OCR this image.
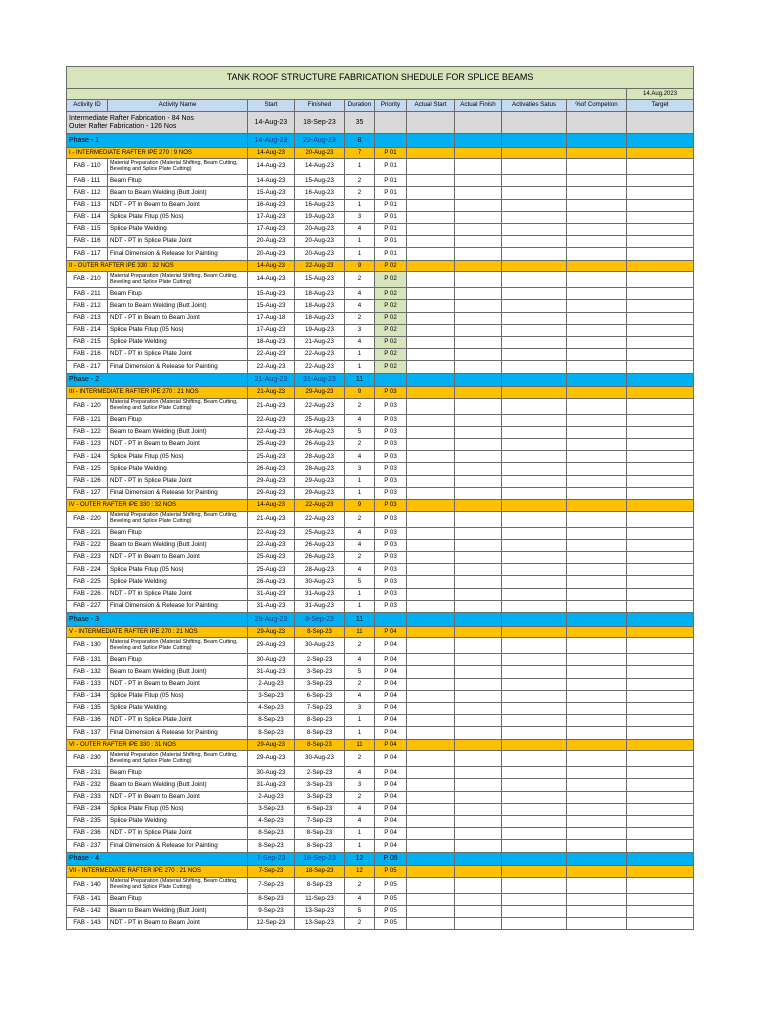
TANK ROOF STRUCTURE FABRICATION SHEDULE FOR SPLICE BEAMS										
										14.Aug.2023
Activity ID	Activity Name	Start	Finished	Duration	Priority	Actual Start	Actual Finish	Activaties Satus	%of Competion	Target

Intermediate Rafter Fabrication - 84 Nos
Outer Rafter Fabrication - 126 Nos		14-Aug-23	18-Sep-23	35						
Phase - 1		14-Aug-23	22-Aug-23	8						
I - INTERMEDIATE RAFTER IPE 270 : 9 NOS		14-Aug-23	20-Aug-23	7	P 01					
FAB - 110	Material Preparation (Material Shifting, Beam Cutting, Beveling and Splice Plate Cutting)	14-Aug-23	14-Aug-23	1	P 01					
FAB - 111	Beam Fitup	14-Aug-23	15-Aug-23	2	P 01					
FAB - 112	Beam to Beam Welding (Butt Joint)	15-Aug-23	16-Aug-23	2	P 01					
FAB - 113	NDT - PT in Beam to Beam Joint	16-Aug-23	16-Aug-23	1	P 01					
FAB - 114	Splice Plate Fitup (05 Nos)	17-Aug-23	19-Aug-23	3	P 01					
FAB - 115	Splice Plate Welding	17-Aug-23	20-Aug-23	4	P 01					
FAB - 116	NDT - PT in Splice Plate Joint	20-Aug-23	20-Aug-23	1	P 01					
FAB - 117	Final Dimension & Release for Painting	20-Aug-23	20-Aug-23	1	P 01					
II - OUTER RAFTER IPE 330 : 32 NOS		14-Aug-23	22-Aug-23	9	P 02					
FAB - 210	Material Preparation (Material Shifting, Beam Cutting, Beveling and Splice Plate Cutting)	14-Aug-23	15-Aug-23	2	P 02					
FAB - 211	Beam Fitup	15-Aug-23	18-Aug-23	4	P 02					
FAB - 212	Beam to Beam Welding (Butt Joint)	15-Aug-23	18-Aug-23	4	P 02					
FAB - 213	NDT - PT in Beam to Beam Joint	17-Aug-18	18-Aug-23	2	P 02					
FAB - 214	Splice Plate Fitup (05 Nos)	17-Aug-23	19-Aug-23	3	P 02					
FAB - 215	Splice Plate Welding	18-Aug-23	21-Aug-23	4	P 02					
FAB - 216	NDT - PT in Splice Plate Joint	22-Aug-23	22-Aug-23	1	P 02					
FAB - 217	Final Dimension & Release for Painting	22-Aug-23	22-Aug-23	1	P 02					
Phase - 2		21-Aug-23	31-Aug-23	11						
III - INTERMEDIATE RAFTER IPE 270 : 21 NOS		21-Aug-23	29-Aug-23	9	P 03					
FAB - 120	Material Preparation (Material Shifting, Beam Cutting, Beveling and Splice Plate Cutting)	21-Aug-23	22-Aug-23	2	P 03					
FAB - 121	Beam Fitup	22-Aug-23	25-Aug-23	4	P 03					
FAB - 122	Beam to Beam Welding (Butt Joint)	22-Aug-23	26-Aug-23	5	P 03					
FAB - 123	NDT - PT in Beam to Beam Joint	25-Aug-23	26-Aug-23	2	P 03					
FAB - 124	Splice Plate Fitup (05 Nos)	25-Aug-23	28-Aug-23	4	P 03					
FAB - 125	Splice Plate Welding	26-Aug-23	28-Aug-23	3	P 03					
FAB - 126	NDT - PT in Splice Plate Joint	29-Aug-23	29-Aug-23	1	P 03					
FAB - 127	Final Dimension & Release for Painting	29-Aug-23	29-Aug-23	1	P 03					
IV - OUTER RAFTER IPE 330 : 32 NOS		14-Aug-23	22-Aug-23	9	P 03					
FAB - 220	Material Preparation (Material Shifting, Beam Cutting, Beveling and Splice Plate Cutting)	21-Aug-23	22-Aug-23	2	P 03					
FAB - 221	Beam Fitup	22-Aug-23	25-Aug-23	4	P 03					
FAB - 222	Beam to Beam Welding (Butt Joint)	22-Aug-23	26-Aug-23	4	P 03					
FAB - 223	NDT - PT in Beam to Beam Joint	25-Aug-23	26-Aug-23	2	P 03					
FAB - 224	Splice Plate Fitup (05 Nos)	25-Aug-23	28-Aug-23	4	P 03					
FAB - 225	Splice Plate Welding	26-Aug-23	30-Aug-23	5	P 03					
FAB - 226	NDT - PT in Splice Plate Joint	31-Aug-23	31-Aug-23	1	P 03					
FAB - 227	Final Dimension & Release for Painting	31-Aug-23	31-Aug-23	1	P 03					
Phase - 3		29-Aug-23	8-Sep-23	11						
V - INTERMEDIATE RAFTER IPE 270 : 21 NOS		29-Aug-23	8-Sep-23	11	P 04					
FAB - 130	Material Preparation (Material Shifting, Beam Cutting, Beveling and Splice Plate Cutting)	29-Aug-23	30-Aug-23	2	P 04					
FAB - 131	Beam Fitup	30-Aug-23	2-Sep-23	4	P 04					
FAB - 132	Beam to Beam Welding (Butt Joint)	31-Aug-23	3-Sep-23	5	P 04					
FAB - 133	NDT - PT in Beam to Beam Joint	2-Aug-23	3-Sep-23	2	P 04					
FAB - 134	Splice Plate Fitup (05 Nos)	3-Sep-23	6-Sep-23	4	P 04					
FAB - 135	Splice Plate Welding	4-Sep-23	7-Sep-23	3	P 04					
FAB - 136	NDT - PT in Splice Plate Joint	8-Sep-23	8-Sep-23	1	P 04					
FAB - 137	Final Dimension & Release for Painting	8-Sep-23	8-Sep-23	1	P 04					
VI - OUTER RAFTER IPE 330 : 31 NOS		29-Aug-23	8-Sep-23	11	P 04					
FAB - 230	Material Preparation (Material Shifting, Beam Cutting, Beveling and Splice Plate Cutting)	29-Aug-23	30-Aug-23	2	P 04					
FAB - 231	Beam Fitup	30-Aug-23	2-Sep-23	4	P 04					
FAB - 232	Beam to Beam Welding (Butt Joint)	31-Aug-23	3-Sep-23	3	P 04					
FAB - 233	NDT - PT in Beam to Beam Joint	2-Aug-23	3-Sep-23	2	P 04					
FAB - 234	Splice Plate Fitup (05 Nos)	3-Sep-23	6-Sep-23	4	P 04					
FAB - 235	Splice Plate Welding	4-Sep-23	7-Sep-23	4	P 04					
FAB - 236	NDT - PT in Splice Plate Joint	8-Sep-23	8-Sep-23	1	P 04					
FAB - 237	Final Dimension & Release for Painting	8-Sep-23	8-Sep-23	1	P 04					
Phase - 4		7-Sep-23	18-Sep-23	12	P 05					
VII - INTERMEDIATE RAFTER IPE 270 : 21 NOS		7-Sep-23	18-Sep-23	12	P 05					
FAB - 140	Material Preparation (Material Shifting, Beam Cutting, Beveling and Splice Plate Cutting)	7-Sep-23	8-Sep-23	2	P 05					
FAB - 141	Beam Fitup	8-Sep-23	11-Sep-23	4	P 05					
FAB - 142	Beam to Beam Welding (Butt Joint)	9-Sep-23	13-Sep-23	5	P 05					
FAB - 143	NDT - PT in Beam to Beam Joint	12-Sep-23	13-Sep-23	2	P 05					
